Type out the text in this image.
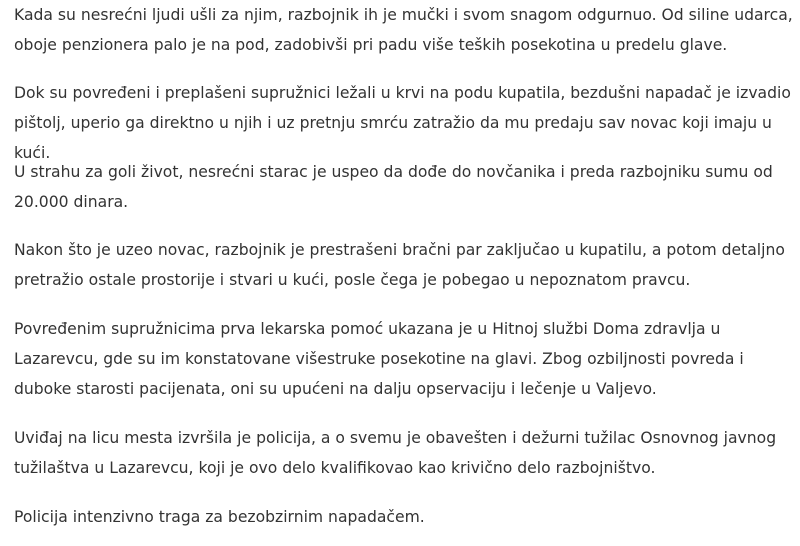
Kada su nesrećni ljudi ušli za njim, razbojnik ih je mučki i svom snagom odgurnuo. Od siline udarca, oboje penzionera palo je na pod, zadobivši pri padu više teških posekotina u predelu glave.

Dok su povređeni i preplašeni supružnici ležali u krvi na podu kupatila, bezdušni napadač je izvadio pištolj, uperio ga direktno u njih i uz pretnju smrću zatražio da mu predaju sav novac koji imaju u kući.

U strahu za goli život, nesrećni starac je uspeo da dođe do novčanika i preda razbojniku sumu od 20.000 dinara.

Nakon što je uzeo novac, razbojnik je prestrašeni bračni par zaključao u kupatilu, a potom detaljno pretražio ostale prostorije i stvari u kući, posle čega je pobegao u nepoznatom pravcu.

Povređenim supružnicima prva lekarska pomoć ukazana je u Hitnoj službi Doma zdravlja u Lazarevcu, gde su im konstatovane višestruke posekotine na glavi. Zbog ozbiljnosti povreda i duboke starosti pacijenata, oni su upućeni na dalju opservaciju i lečenje u Valjevo.

Uviđaj na licu mesta izvršila je policija, a o svemu je obavešten i dežurni tužilac Osnovnog javnog tužilaštva u Lazarevcu, koji je ovo delo kvalifikovao kao krivično delo razbojništvo.

Policija intenzivno traga za bezobzirnim napadačem.
